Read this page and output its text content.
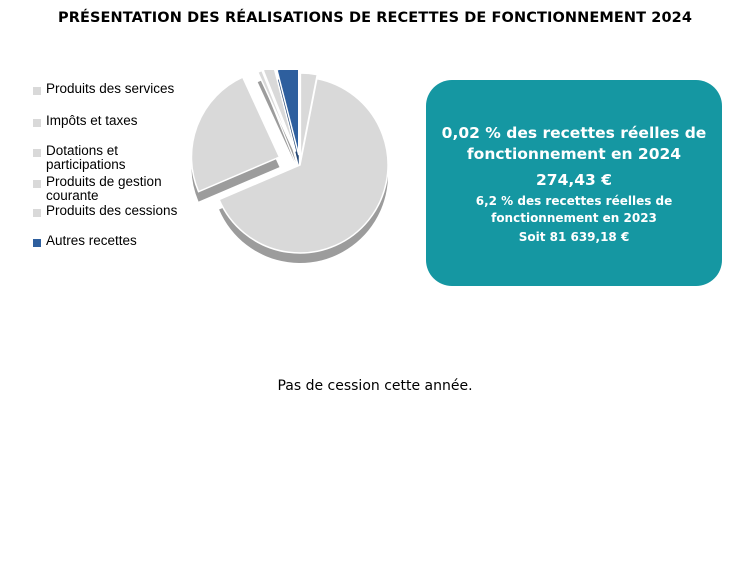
PRÉSENTATION DES RÉALISATIONS DE RECETTES DE FONCTIONNEMENT 2024
Produits des services
Impôts et taxes
Dotations et participations
Produits de gestion courante
Produits des cessions
Autres recettes
0,02 % des recettes réelles de fonctionnement en 2024
274,43 €
6,2 % des recettes réelles de fonctionnement en 2023
Soit 81 639,18 €
Pas de cession cette année.
